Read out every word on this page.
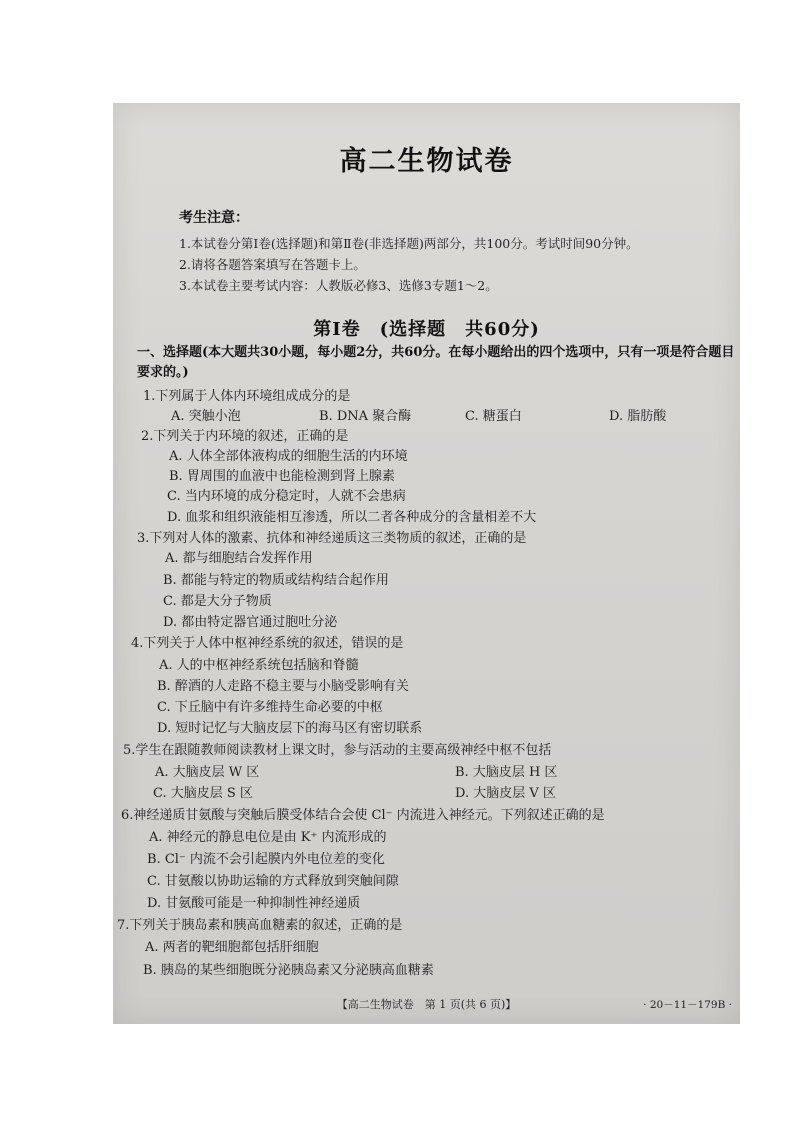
高二生物试卷
考生注意：
1.本试卷分第Ⅰ卷(选择题)和第Ⅱ卷(非选择题)两部分，共100分。考试时间90分钟。
2.请将各题答案填写在答题卡上。
3.本试卷主要考试内容：人教版必修3、选修3专题1～2。
第Ⅰ卷　(选择题　共60分)
一、选择题(本大题共30小题，每小题2分，共60分。在每小题给出的四个选项中，只有一项是符合题目要求的。)
1.下列属于人体内环境组成成分的是
A. 突触小泡	B. DNA 聚合酶	C. 糖蛋白	D. 脂肪酸
2.下列关于内环境的叙述，正确的是
A. 人体全部体液构成的细胞生活的内环境
B. 胃周围的血液中也能检测到肾上腺素
C. 当内环境的成分稳定时，人就不会患病
D. 血浆和组织液能相互渗透，所以二者各种成分的含量相差不大
3.下列对人体的激素、抗体和神经递质这三类物质的叙述，正确的是
A. 都与细胞结合发挥作用
B. 都能与特定的物质或结构结合起作用
C. 都是大分子物质
D. 都由特定器官通过胞吐分泌
4.下列关于人体中枢神经系统的叙述，错误的是
A. 人的中枢神经系统包括脑和脊髓
B. 醉酒的人走路不稳主要与小脑受影响有关
C. 下丘脑中有许多维持生命必要的中枢
D. 短时记忆与大脑皮层下的海马区有密切联系
5.学生在跟随教师阅读教材上课文时，参与活动的主要高级神经中枢不包括
A. 大脑皮层 W 区	B. 大脑皮层 H 区
C. 大脑皮层 S 区	D. 大脑皮层 V 区
6.神经递质甘氨酸与突触后膜受体结合会使 Cl⁻ 内流进入神经元。下列叙述正确的是
A. 神经元的静息电位是由 K⁺ 内流形成的
B. Cl⁻ 内流不会引起膜内外电位差的变化
C. 甘氨酸以协助运输的方式释放到突触间隙
D. 甘氨酸可能是一种抑制性神经递质
7.下列关于胰岛素和胰高血糖素的叙述，正确的是
A. 两者的靶细胞都包括肝细胞
B. 胰岛的某些细胞既分泌胰岛素又分泌胰高血糖素
【高二生物试卷　第 1 页(共 6 页)】	· 20－11－179B ·
